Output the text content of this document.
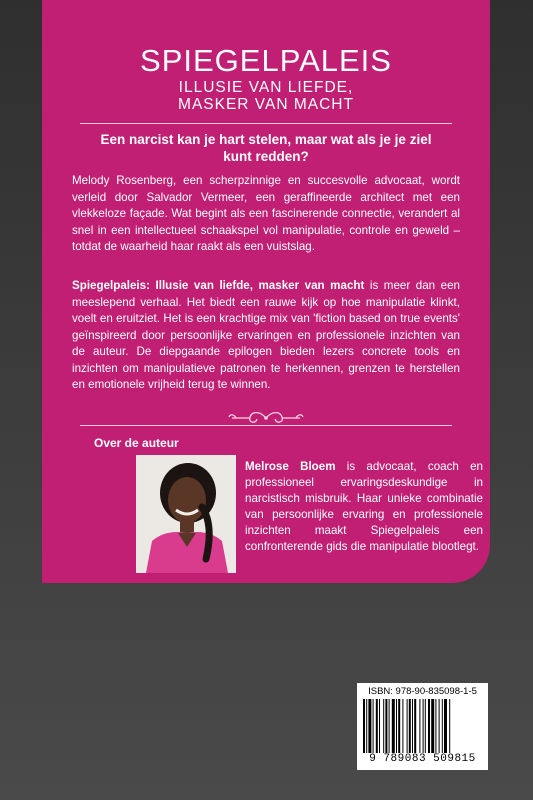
SPIEGELPALEIS
ILLUSIE VAN LIEFDE,
MASKER VAN MACHT
Een narcist kan je hart stelen, maar wat als je je ziel
kunt redden?

Melody Rosenberg, een scherpzinnige en succesvolle advocaat, wordt verleid door Salvador Vermeer, een geraffineerde architect met een vlekkeloze façade. Wat begint als een fascinerende connectie, verandert al snel in een intellectueel schaakspel vol manipulatie, controle en geweld – totdat de waarheid haar raakt als een vuistslag.

Spiegelpaleis: Illusie van liefde, masker van macht is meer dan een meeslepend verhaal. Het biedt een rauwe kijk op hoe manipulatie klinkt, voelt en eruitziet. Het is een krachtige mix van 'fiction based on true events' geïnspireerd door persoonlijke ervaringen en professionele inzichten van de auteur. De diepgaande epilogen bieden lezers concrete tools en inzichten om manipulatieve patronen te herkennen, grenzen te herstellen en emotionele vrijheid terug te winnen.

Over de auteur

Melrose Bloem is advocaat, coach en professioneel ervaringsdeskundige in narcistisch misbruik. Haar unieke combinatie van persoonlijke ervaring en professionele inzichten maakt Spiegelpaleis een confronterende gids die manipulatie blootlegt.

ISBN: 978-90-835098-1-5
9 789083 509815
